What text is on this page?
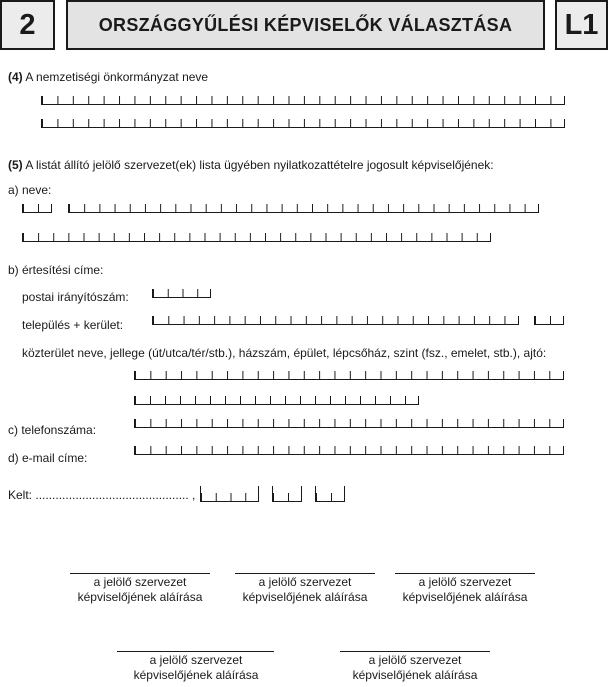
2	ORSZÁGGYŰLÉSI KÉPVISELŐK VÁLASZTÁSA L1
(4) A nemzetiségi önkormányzat neve
(5) A listát állító jelölő szervezet(ek) lista ügyében nyilatkozattételre jogosult képviselőjének:
a) neve:
b) értesítési címe:
postai irányítószám:
település + kerület:
közterület neve, jellege (út/utca/tér/stb.), házszám, épület, lépcsőház, szint (fsz., emelet, stb.), ajtó:
c) telefonszáma:
d) e-mail címe:
Kelt: .............................................. ,
a jelölő szervezet
képviselőjének aláírása
a jelölő szervezet
képviselőjének aláírása
a jelölő szervezet
képviselőjének aláírása
a jelölő szervezet
képviselőjének aláírása
a jelölő szervezet
képviselőjének aláírása
